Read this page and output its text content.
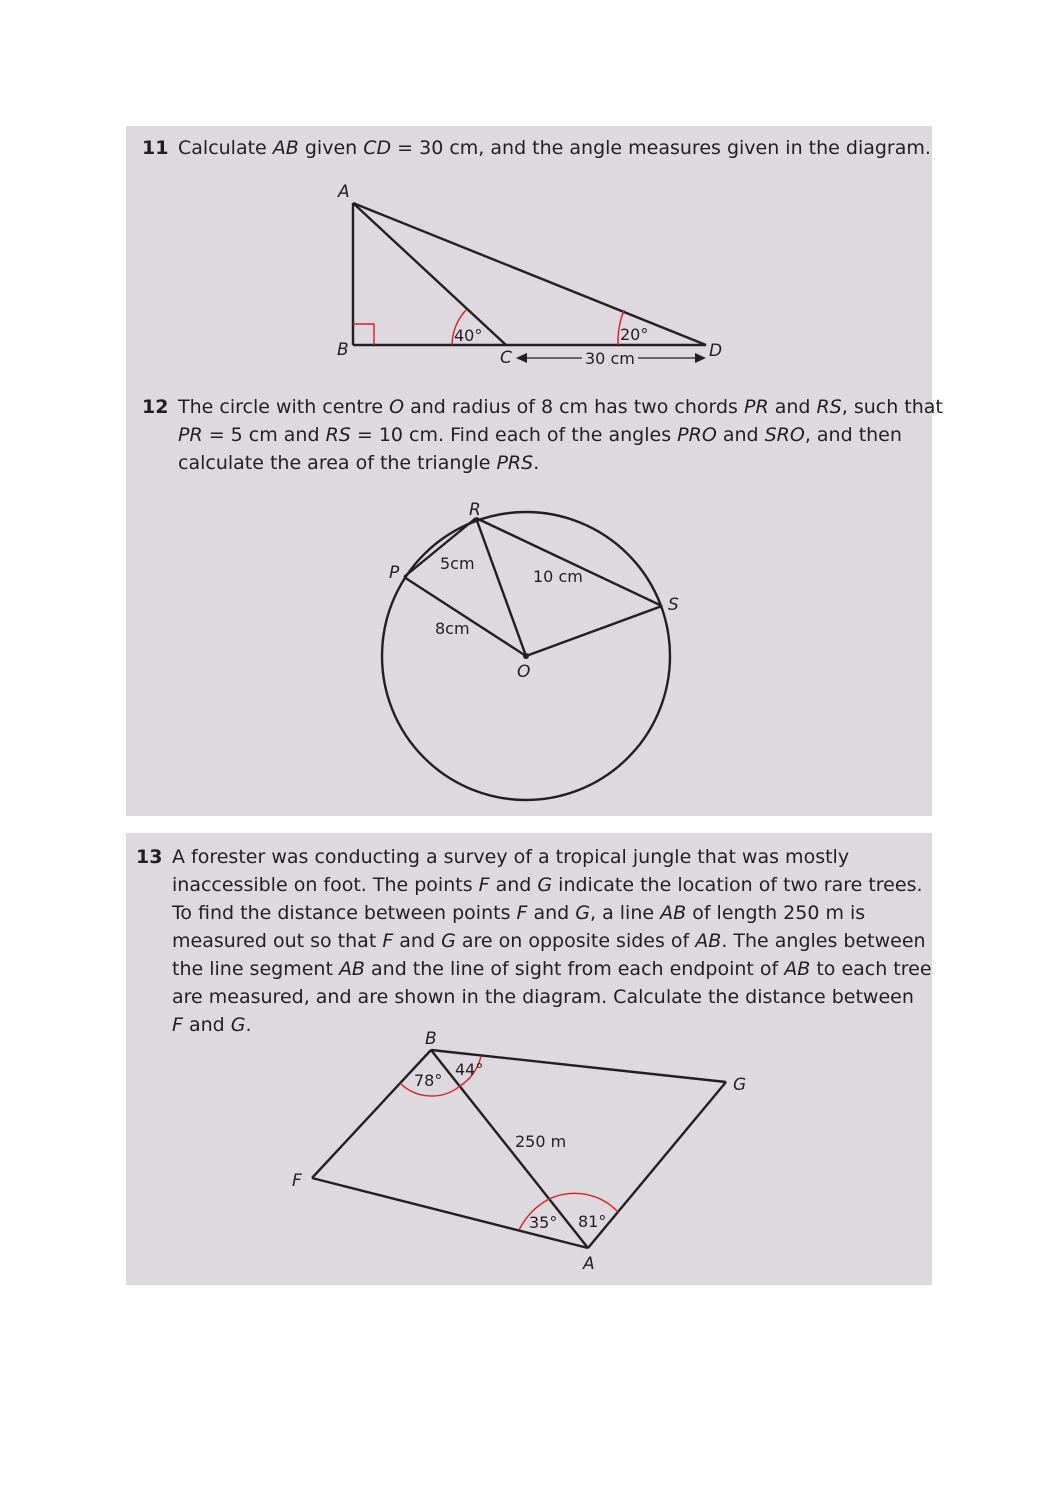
11 Calculate AB given CD = 30 cm, and the angle measures given in the diagram.
40°	20°
A
B	C	D
30 cm
12 The circle with centre O and radius of 8 cm has two chords PR and RS, such that
PR = 5 cm and RS = 10 cm. Find each of the angles PRO and SRO, and then
calculate the area of the triangle PRS.
R
P
S
O
5cm
10 cm
8cm
13 A forester was conducting a survey of a tropical jungle that was mostly
inaccessible on foot. The points F and G indicate the location of two rare trees.
To find the distance between points F and G, a line AB of length 250 m is
measured out so that F and G are on opposite sides of AB. The angles between
the line segment AB and the line of sight from each endpoint of AB to each tree
are measured, and are shown in the diagram. Calculate the distance between
F and G.
B
G
F
A
78°
44°
35° 81°
250 m
